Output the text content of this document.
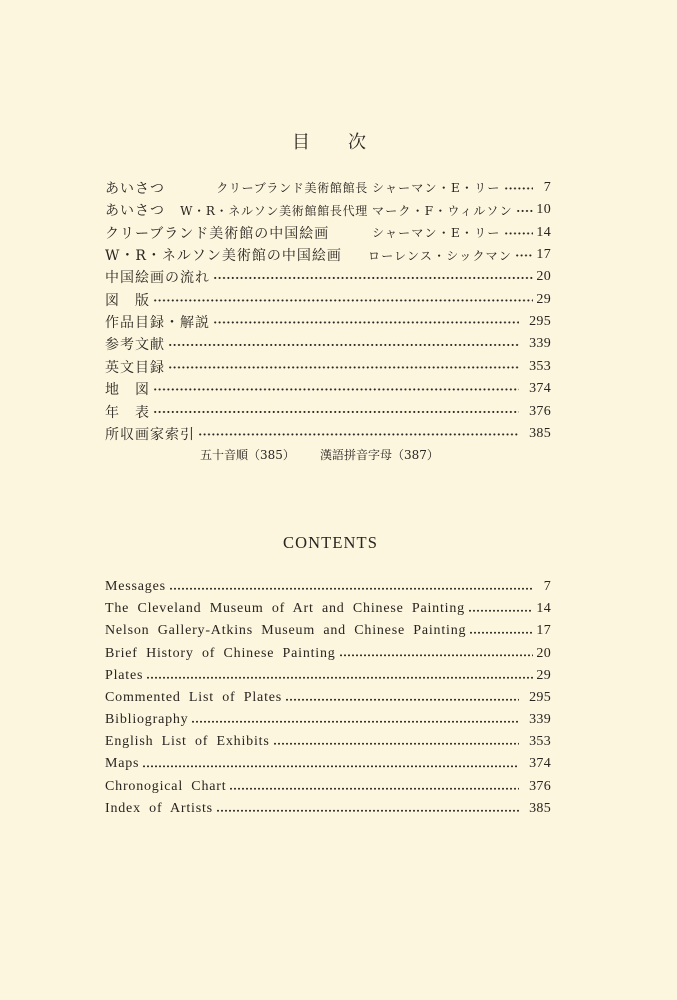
目　次
あいさつ	クリーブランド美術館館長 シャーマン・E・リー	7
あいさつ W・R・ネルソン美術館館長代理 マーク・F・ウィルソン 10
クリーブランド美術館の中国絵画	シャーマン・E・リー	14
W・R・ネルソン美術館の中国絵画 ローレンス・シックマン 17
中国絵画の流れ	20
図　版	29
作品目録・解説	295
参考文献	339
英文目録	353
地　図	374
年　表	376
所収画家索引	385
五十音順（385） 漢語拼音字母（387）
CONTENTS
Messages	7
The Cleveland Museum of Art and Chinese Painting	14
Nelson Gallery-Atkins Museum and Chinese Painting	17
Brief History of Chinese Painting	20
Plates	29
Commented List of Plates	295
Bibliography	339
English List of Exhibits	353
Maps	374
Chronogical Chart	376
Index of Artists	385
